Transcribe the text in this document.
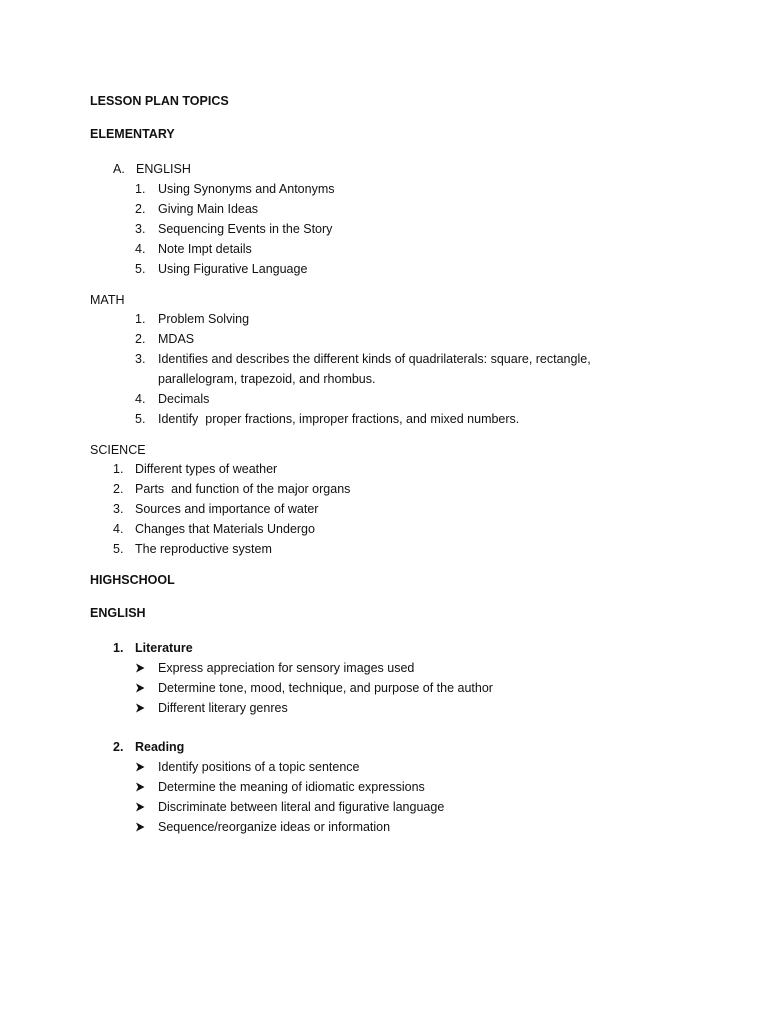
LESSON PLAN TOPICS

ELEMENTARY

A. ENGLISH
1.	Using Synonyms and Antonyms
2.	Giving Main Ideas
3.	Sequencing Events in the Story
4.	Note Impt details
5.	Using Figurative Language

MATH

1.	Problem Solving
2.	MDAS
3.	Identifies and describes the different kinds of quadrilaterals: square, rectangle, parallelogram, trapezoid, and rhombus.
4.	Decimals
5.	Identify  proper fractions, improper fractions, and mixed numbers.

SCIENCE

1. Different types of weather
2. Parts  and function of the major organs
3. Sources and importance of water
4. Changes that Materials Undergo
5. The reproductive system

HIGHSCHOOL

ENGLISH

1. Literature
Express appreciation for sensory images used
Determine tone, mood, technique, and purpose of the author
Different literary genres
2. Reading
Identify positions of a topic sentence
Determine the meaning of idiomatic expressions
Discriminate between literal and figurative language
Sequence/reorganize ideas or information
